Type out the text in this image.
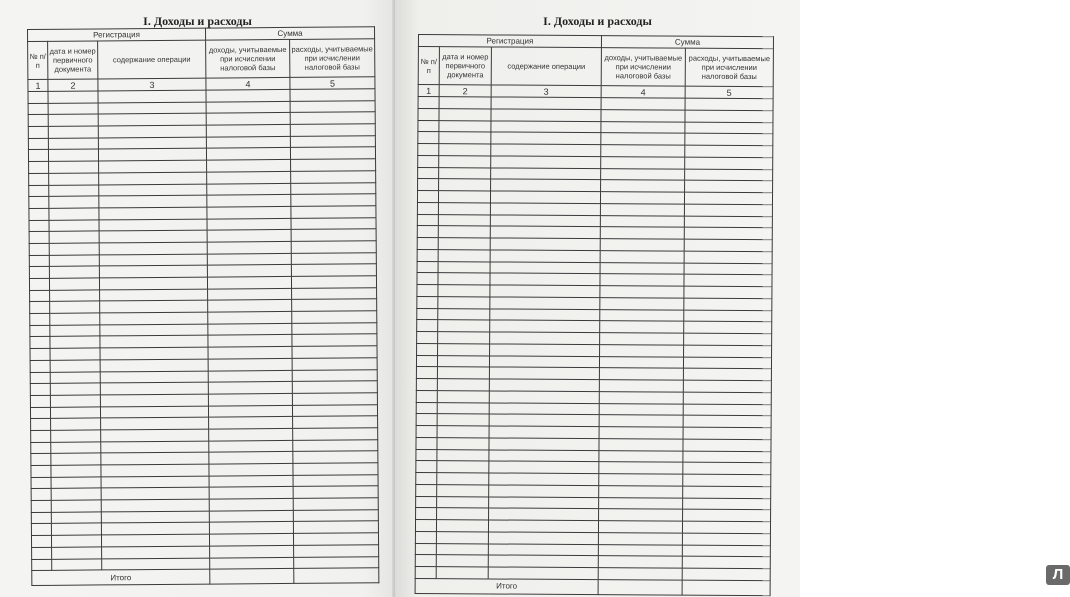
I. Доходы и расходы
Регистрация			Сумма	
№ п/п	дата и номер первичного документа	содержание операции	доходы, учитываемые при исчислении налоговой базы	расходы, учитываемые при исчислении налоговой базы
1	2	3	4	5

Итого				
I. Доходы и расходы
Регистрация			Сумма	
№ п/п	дата и номер первичного документа	содержание операции	доходы, учитываемые при исчислении налоговой базы	расходы, учитываемые при исчислении налоговой базы
1	2	3	4	5

Итого				
Л
